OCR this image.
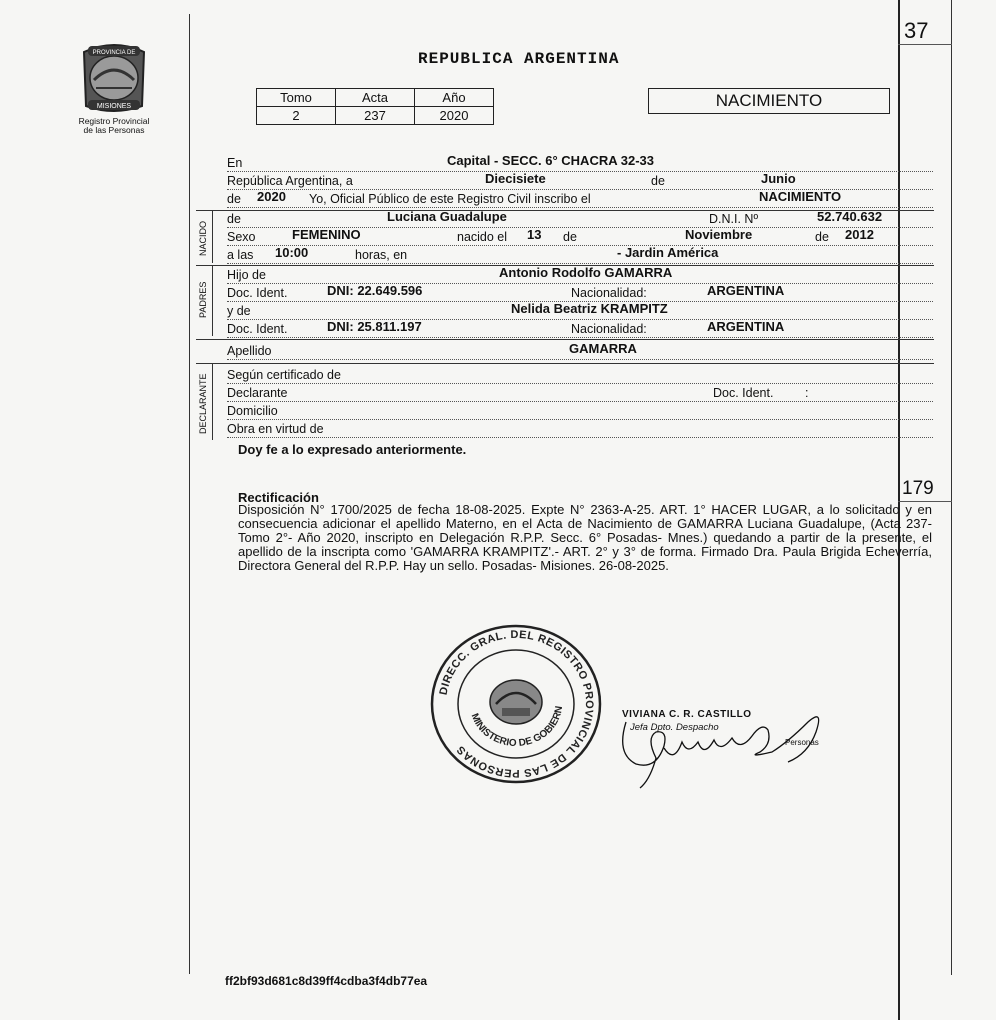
37
PROVINCIA DE
MISIONES
Registro Provincial
de las Personas
REPUBLICA ARGENTINA
Tomo	Acta	Año
2	237	2020
NACIMIENTO
En	Capital - SECC. 6° CHACRA 32-33
República Argentina, a	Diecisiete	de	Junio
de 2020 Yo, Oficial Público de este Registro Civil inscribo el	NACIMIENTO
NACIDO
de	Luciana Guadalupe	D.N.I. Nº	52.740.632
Sexo	FEMENINO	nacido el 13 de	Noviembre	de 2012
a las 10:00	horas, en	- Jardin América
PADRES
Hijo de	Antonio Rodolfo GAMARRA
Doc. Ident.	DNI: 22.649.596	Nacionalidad:	ARGENTINA
y de	Nelida Beatriz KRAMPITZ
Doc. Ident.	DNI: 25.811.197	Nacionalidad:	ARGENTINA
Apellido	GAMARRA
DECLARANTE Según certificado de
Declarante	Doc. Ident.	:
Domicilio
Obra en virtud de
Doy fe a lo expresado anteriormente.
179
Rectificación
Disposición N° 1700/2025 de fecha 18-08-2025. Expte N° 2363-A-25. ART. 1° HACER LUGAR, a lo solicitado y en consecuencia adicionar el apellido Materno, en el Acta de Nacimiento de GAMARRA Luciana Guadalupe, (Acta 237- Tomo 2°- Año 2020, inscripto en Delegación R.P.P. Secc. 6° Posadas- Mnes.) quedando a partir de la presente, el apellido de la inscripta como 'GAMARRA KRAMPITZ'.- ART. 2° y 3° de forma. Firmado Dra. Paula Brigida Echeverría, Directora General del R.P.P. Hay un sello. Posadas- Misiones. 26-08-2025.
DIRECC. GRAL. DEL REGISTRO PROVINCIAL DE LAS PERSONAS
MINISTERIO DE GOBIERN	VIVIANA C. R. CASTILLO
Jefa Dpto. Despacho
Personas
ff2bf93d681c8d39ff4cdba3f4db77ea
